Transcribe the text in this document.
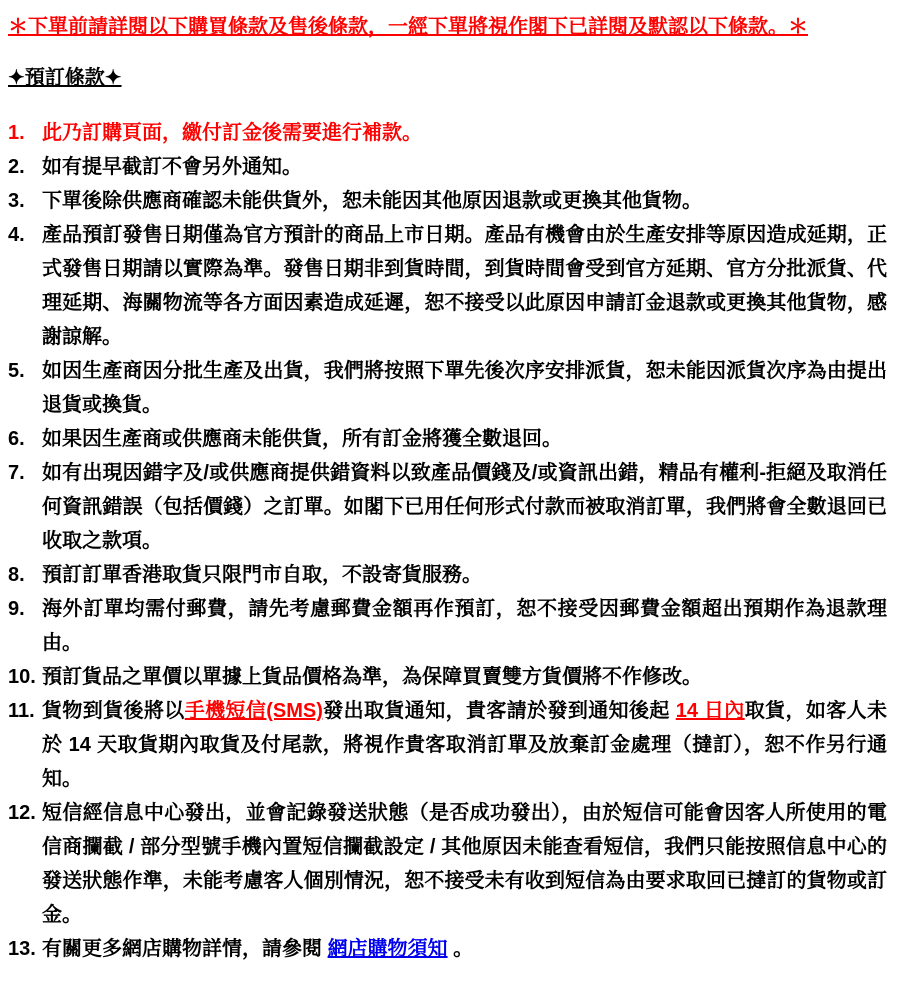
＊下單前請詳閱以下購買條款及售後條款，一經下單將視作閣下已詳閱及默認以下條款。＊
✦預訂條款✦
1. 此乃訂購頁面，繳付訂金後需要進行補款。
2. 如有提早截訂不會另外通知。
3. 下單後除供應商確認未能供貨外，恕未能因其他原因退款或更換其他貨物。
4. 產品預訂發售日期僅為官方預計的商品上市日期。產品有機會由於生產安排等原因造成延期，正式發售日期請以實際為準。發售日期非到貨時間，到貨時間會受到官方延期、官方分批派貨、代理延期、海關物流等各方面因素造成延遲，恕不接受以此原因申請訂金退款或更換其他貨物，感謝諒解。
5. 如因生產商因分批生產及出貨，我們將按照下單先後次序安排派貨，恕未能因派貨次序為由提出退貨或換貨。
6. 如果因生產商或供應商未能供貨，所有訂金將獲全數退回。
7. 如有出現因錯字及/或供應商提供錯資料以致產品價錢及/或資訊出錯，精品有權利-拒絕及取消任何資訊錯誤（包括價錢）之訂單。如閣下已用任何形式付款而被取消訂單，我們將會全數退回已收取之款項。
8. 預訂訂單香港取貨只限門市自取，不設寄貨服務。
9. 海外訂單均需付郵費，請先考慮郵費金額再作預訂，恕不接受因郵費金額超出預期作為退款理由。
10. 預訂貨品之單價以單據上貨品價格為準，為保障買賣雙方貨價將不作修改。
11. 貨物到貨後將以手機短信(SMS)發出取貨通知，貴客請於發到通知後起 14 日內取貨，如客人未於 14 天取貨期內取貨及付尾款，將視作貴客取消訂單及放棄訂金處理（撻訂），恕不作另行通知。
12. 短信經信息中心發出，並會記錄發送狀態（是否成功發出），由於短信可能會因客人所使用的電信商攔截 / 部分型號手機內置短信攔截設定 / 其他原因未能查看短信，我們只能按照信息中心的發送狀態作準，未能考慮客人個別情況，恕不接受未有收到短信為由要求取回已撻訂的貨物或訂金。
13. 有關更多網店購物詳情，請參閱 網店購物須知 。
